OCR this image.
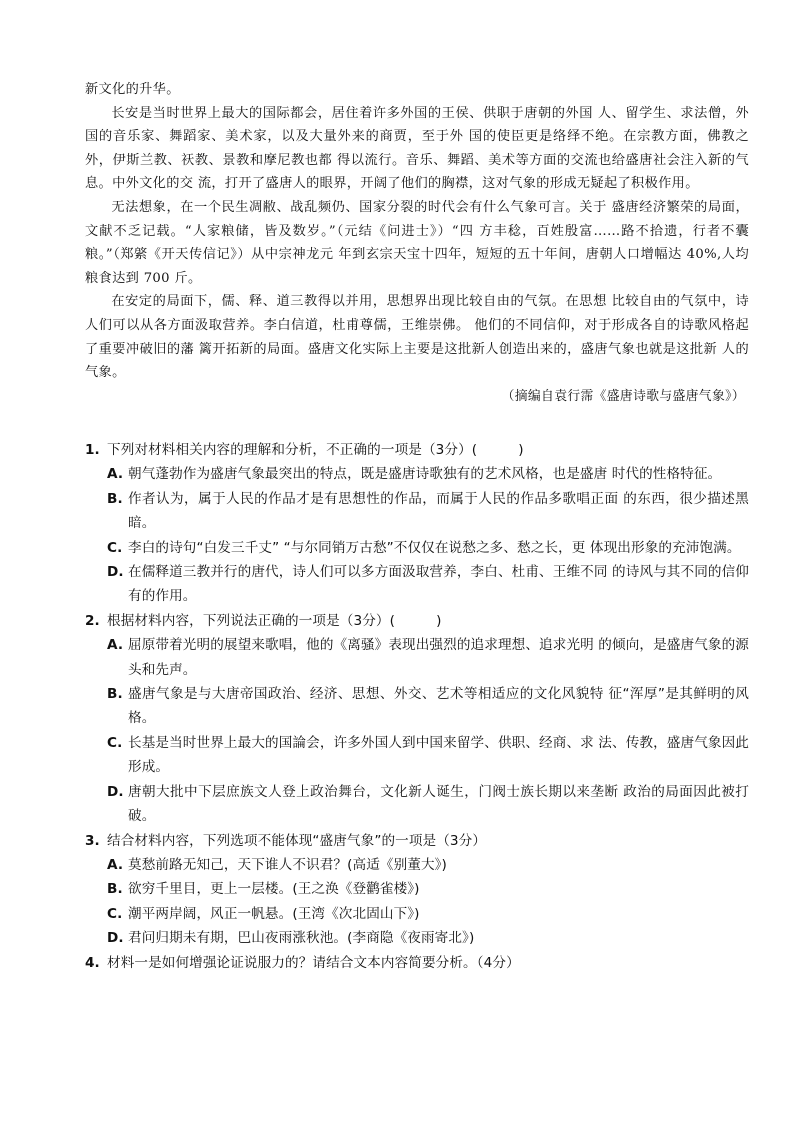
新文化的升华。

长安是当时世界上最大的国际都会，居住着许多外国的王侯、供职于唐朝的外国 人、留学生、求法僧，外国的音乐家、舞蹈家、美术家，以及大量外来的商贾，至于外 国的使臣更是络绎不绝。在宗教方面，佛教之外，伊斯兰教、祆教、景教和摩尼教也都 得以流行。音乐、舞蹈、美术等方面的交流也给盛唐社会注入新的气息。中外文化的交 流，打开了盛唐人的眼界，开阔了他们的胸襟，这对气象的形成无疑起了积极作用。

无法想象，在一个民生凋敝、战乱频仍、国家分裂的时代会有什么气象可言。关于 盛唐经济繁荣的局面，文献不乏记载。“人家粮储，皆及数岁。”（元结《问进士》）“四 方丰稔，百姓殷富……路不拾遗，行者不囊粮。”（郑綮《开天传信记》）从中宗神龙元 年到玄宗天宝十四年，短短的五十年间，唐朝人口增幅达 40%,人均粮食达到 700 斤。

在安定的局面下，儒、释、道三教得以并用，思想界出现比较自由的气氛。在思想 比较自由的气氛中，诗人们可以从各方面汲取营养。李白信道，杜甫尊儒，王维崇佛。 他们的不同信仰，对于形成各自的诗歌风格起了重要冲破旧的藩 篱开拓新的局面。盛唐文化实际上主要是这批新人创造出来的，盛唐气象也就是这批新 人的气象。

（摘编自袁行霈《盛唐诗歌与盛唐气象》）
1. 下列对材料相关内容的理解和分析，不正确的一项是（3分）(　　　)
A. 朝气蓬勃作为盛唐气象最突出的特点，既是盛唐诗歌独有的艺术风格，也是盛唐 时代的性格特征。
B. 作者认为，属于人民的作品才是有思想性的作品，而属于人民的作品多歌唱正面 的东西，很少描述黑暗。
C. 李白的诗句“白发三千丈” “与尔同销万古愁”不仅仅在说愁之多、愁之长，更 体现出形象的充沛饱满。
D. 在儒释道三教并行的唐代，诗人们可以多方面汲取营养，李白、杜甫、王维不同 的诗风与其不同的信仰有的作用。
2. 根据材料内容，下列说法正确的一项是（3分）(　　　)
A. 屈原带着光明的展望来歌唱，他的《离骚》表现出强烈的追求理想、追求光明 的倾向，是盛唐气象的源头和先声。
B. 盛唐气象是与大唐帝国政治、经济、思想、外交、艺术等相适应的文化风貌特 征“浑厚”是其鲜明的风格。
C. 长基是当时世界上最大的国論会，许多外国人到中国来留学、供职、经商、求 法、传教，盛唐气象因此形成。
D. 唐朝大批中下层庶族文人登上政治舞台，文化新人诞生，门阀士族长期以来垄断 政治的局面因此被打破。
3. 结合材料内容，下列选项不能体现“盛唐气象”的一项是（3分）
A. 莫愁前路无知己，天下谁人不识君？(高适《别董大》)
B. 欲穷千里目，更上一层楼。(王之涣《登鹳雀楼》)
C. 潮平两岸阔，风正一帆悬。(王湾《次北固山下》)
D. 君问归期未有期，巴山夜雨涨秋池。(李商隐《夜雨寄北》)
4. 材料一是如何增强论证说服力的？请结合文本内容简要分析。（4分）
